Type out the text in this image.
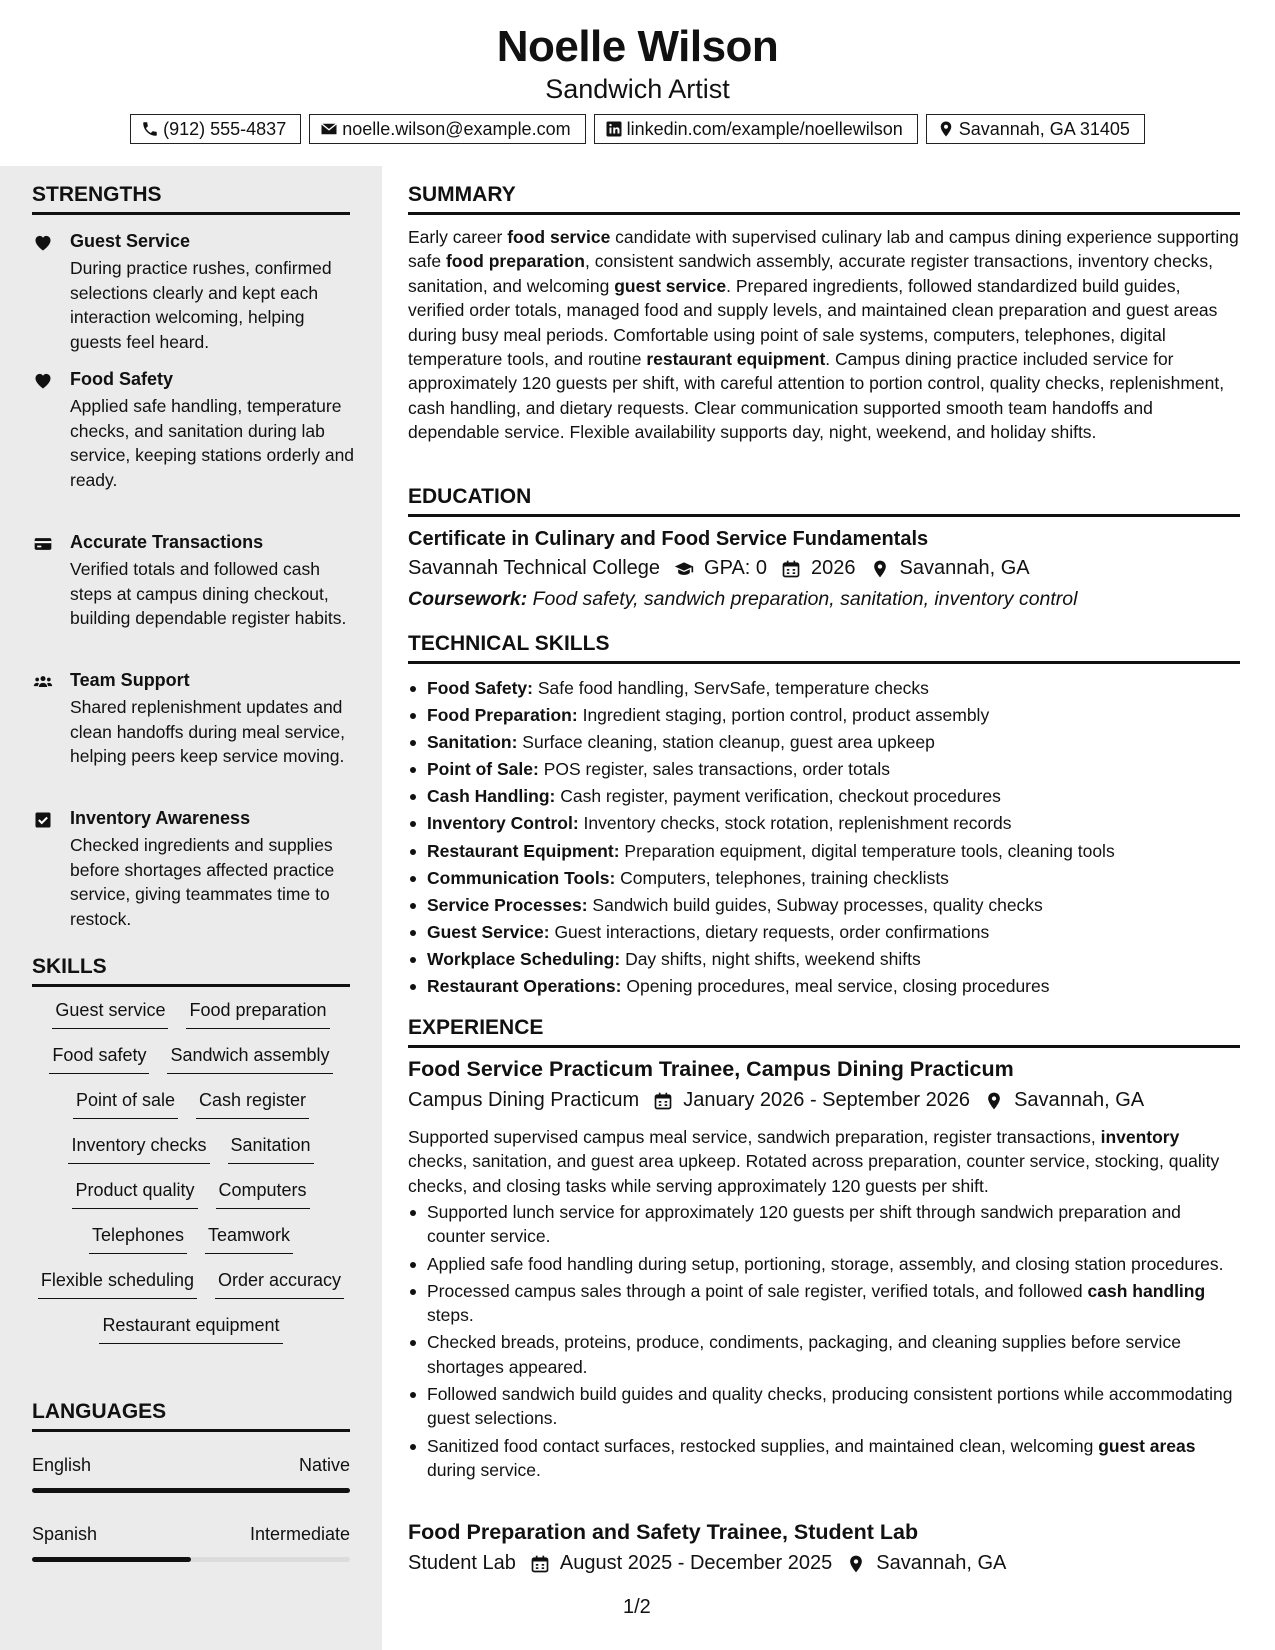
Noelle Wilson
Sandwich Artist
(912) 555-4837	noelle.wilson@example.com	linkedin.com/example/noellewilson	Savannah, GA 31405
STRENGTHS
Guest Service
During practice rushes, confirmed selections clearly and kept each interaction welcoming, helping guests feel heard.
Food Safety
Applied safe handling, temperature checks, and sanitation during lab service, keeping stations orderly and ready.
Accurate Transactions
Verified totals and followed cash steps at campus dining checkout, building dependable register habits.
Team Support
Shared replenishment updates and clean handoffs during meal service, helping peers keep service moving.
Inventory Awareness
Checked ingredients and supplies before shortages affected practice service, giving teammates time to restock.
SKILLS
Guest service Food preparation
Food safety Sandwich assembly
Point of sale Cash register
Inventory checks Sanitation
Product quality Computers
Telephones Teamwork
Flexible scheduling Order accuracy
Restaurant equipment
LANGUAGES
English	Native
Spanish	Intermediate
SUMMARY
Early career food service candidate with supervised culinary lab and campus dining experience supporting safe food preparation, consistent sandwich assembly, accurate register transactions, inventory checks, sanitation, and welcoming guest service. Prepared ingredients, followed standardized build guides, verified order totals, managed food and supply levels, and maintained clean preparation and guest areas during busy meal periods. Comfortable using point of sale systems, computers, telephones, digital temperature tools, and routine restaurant equipment. Campus dining practice included service for approximately 120 guests per shift, with careful attention to portion control, quality checks, replenishment, cash handling, and dietary requests. Clear communication supported smooth team handoffs and dependable service. Flexible availability supports day, night, weekend, and holiday shifts.
EDUCATION
Certificate in Culinary and Food Service Fundamentals
Savannah Technical College GPA: 0 2026 Savannah, GA
Coursework: Food safety, sandwich preparation, sanitation, inventory control
TECHNICAL SKILLS
Food Safety: Safe food handling, ServSafe, temperature checks
Food Preparation: Ingredient staging, portion control, product assembly
Sanitation: Surface cleaning, station cleanup, guest area upkeep
Point of Sale: POS register, sales transactions, order totals
Cash Handling: Cash register, payment verification, checkout procedures
Inventory Control: Inventory checks, stock rotation, replenishment records
Restaurant Equipment: Preparation equipment, digital temperature tools, cleaning tools
Communication Tools: Computers, telephones, training checklists
Service Processes: Sandwich build guides, Subway processes, quality checks
Guest Service: Guest interactions, dietary requests, order confirmations
Workplace Scheduling: Day shifts, night shifts, weekend shifts
Restaurant Operations: Opening procedures, meal service, closing procedures
EXPERIENCE
Food Service Practicum Trainee, Campus Dining Practicum
Campus Dining Practicum January 2026 - September 2026 Savannah, GA
Supported supervised campus meal service, sandwich preparation, register transactions, inventory checks, sanitation, and guest area upkeep. Rotated across preparation, counter service, stocking, quality checks, and closing tasks while serving approximately 120 guests per shift.
Supported lunch service for approximately 120 guests per shift through sandwich preparation and counter service.
Applied safe food handling during setup, portioning, storage, assembly, and closing station procedures.
Processed campus sales through a point of sale register, verified totals, and followed cash handling steps.
Checked breads, proteins, produce, condiments, packaging, and cleaning supplies before service shortages appeared.
Followed sandwich build guides and quality checks, producing consistent portions while accommodating guest selections.
Sanitized food contact surfaces, restocked supplies, and maintained clean, welcoming guest areas during service.
Food Preparation and Safety Trainee, Student Lab
Student Lab August 2025 - December 2025 Savannah, GA
1/2
